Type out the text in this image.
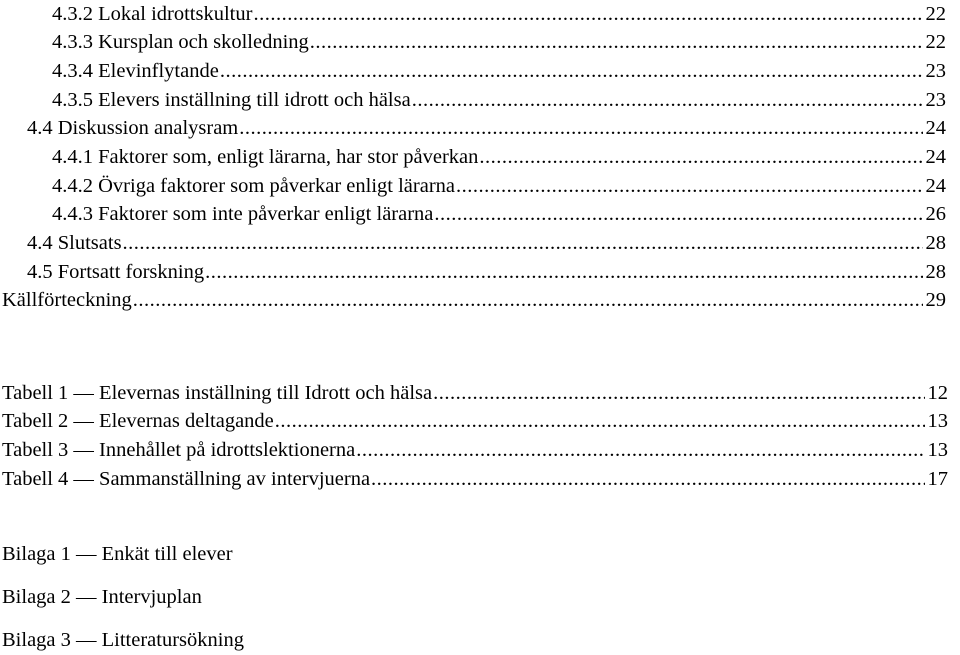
4.3.2 Lokal idrottskultur .....	22
4.3.3 Kursplan och skolledning .....	22
4.3.4 Elevinflytande .....	23
4.3.5 Elevers inställning till idrott och hälsa .....	23
4.4 Diskussion analysram .....	24
4.4.1 Faktorer som, enligt lärarna, har stor påverkan .....	24
4.4.2 Övriga faktorer som påverkar enligt lärarna .....	24
4.4.3 Faktorer som inte påverkar enligt lärarna .....	26
4.4 Slutsats .....	28
4.5 Fortsatt forskning .....	28
Källförteckning .....	29
Tabell 1 — Elevernas inställning till Idrott och hälsa .....	12
Tabell 2 — Elevernas deltagande .....	13
Tabell 3 — Innehållet på idrottslektionerna .....	13
Tabell 4 — Sammanställning av intervjuerna .....	17
Bilaga 1 — Enkät till elever
Bilaga 2 — Intervjuplan
Bilaga 3 — Litteratursökning
